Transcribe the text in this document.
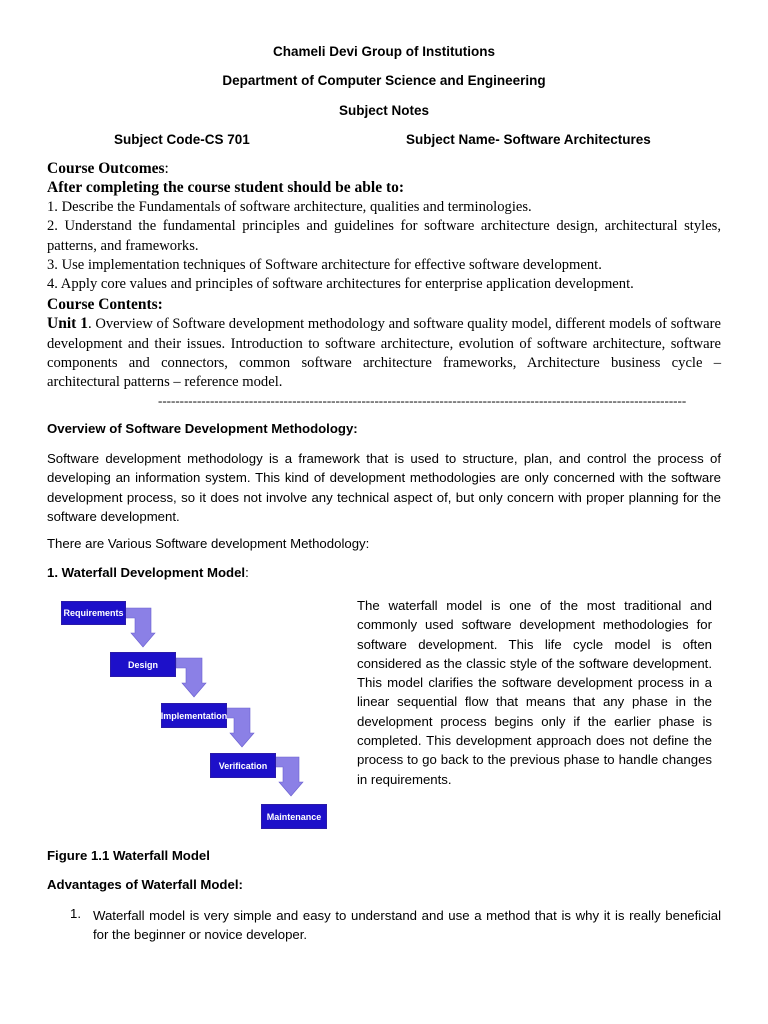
Chameli Devi Group of Institutions
Department of Computer Science and Engineering
Subject Notes
Subject Code-CS 701	Subject Name- Software Architectures
Course Outcomes:
After completing the course student should be able to:
1. Describe the Fundamentals of software architecture, qualities and terminologies.
2. Understand the fundamental principles and guidelines for software architecture design, architectural styles, patterns, and frameworks.
3. Use implementation techniques of Software architecture for effective software development.
4. Apply core values and principles of software architectures for enterprise application development.
Course Contents:
Unit 1. Overview of Software development methodology and software quality model, different models of software development and their issues. Introduction to software architecture, evolution of software architecture, software components and connectors, common software architecture frameworks, Architecture business cycle – architectural patterns – reference model.
--------------------------------------------------------------------------------------------------------------------------
Overview of Software Development Methodology:
Software development methodology is a framework that is used to structure, plan, and control the process of developing an information system. This kind of development methodologies are only concerned with the software development process, so it does not involve any technical aspect of, but only concern with proper planning for the software development.
There are Various Software development Methodology:
1. Waterfall Development Model:
Requirements
Design
Implementation
Verification
Maintenance
The waterfall model is one of the most traditional and commonly used software development methodologies for software development. This life cycle model is often considered as the classic style of the software development. This model clarifies the software development process in a linear sequential flow that means that any phase in the development process begins only if the earlier phase is completed. This development approach does not define the process to go back to the previous phase to handle changes in requirements.
Figure 1.1 Waterfall Model
Advantages of Waterfall Model:
1. Waterfall model is very simple and easy to understand and use a method that is why it is really beneficial for the beginner or novice developer.
